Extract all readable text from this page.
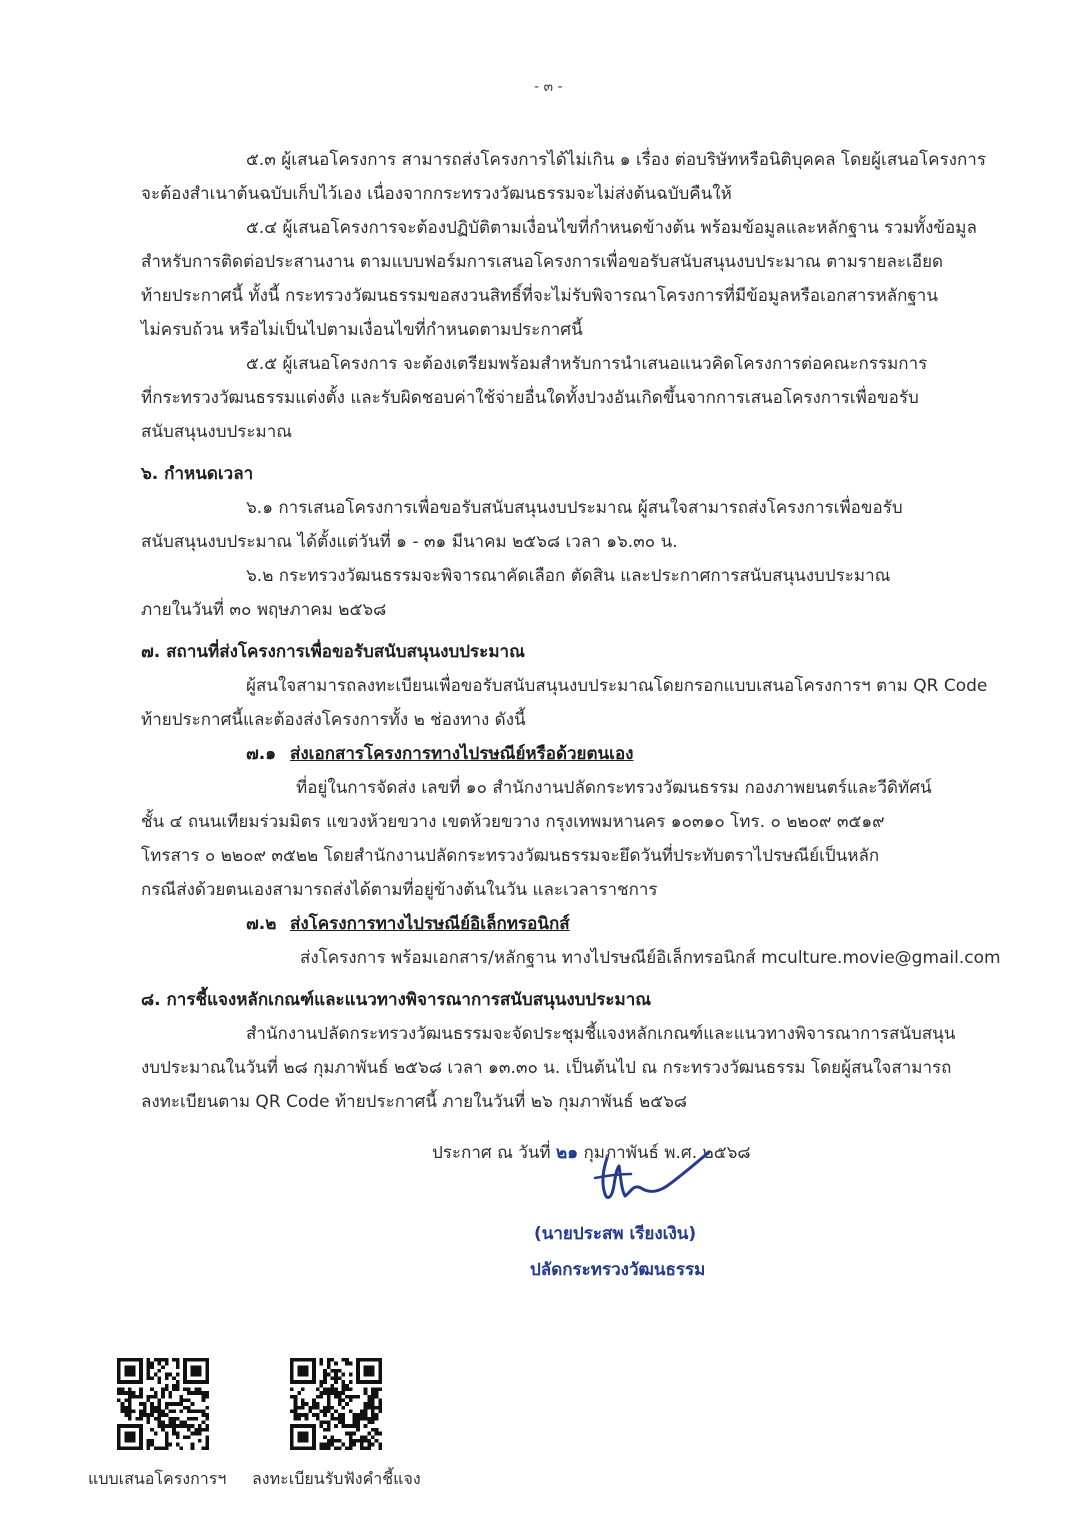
- ๓ -
๕.๓ ผู้เสนอโครงการ สามารถส่งโครงการได้ไม่เกิน ๑ เรื่อง ต่อบริษัทหรือนิติบุคคล โดยผู้เสนอโครงการ
จะต้องสำเนาต้นฉบับเก็บไว้เอง เนื่องจากกระทรวงวัฒนธรรมจะไม่ส่งต้นฉบับคืนให้
๕.๔ ผู้เสนอโครงการจะต้องปฏิบัติตามเงื่อนไขที่กำหนดข้างต้น พร้อมข้อมูลและหลักฐาน รวมทั้งข้อมูล
สำหรับการติดต่อประสานงาน ตามแบบฟอร์มการเสนอโครงการเพื่อขอรับสนับสนุนงบประมาณ ตามรายละเอียด
ท้ายประกาศนี้ ทั้งนี้ กระทรวงวัฒนธรรมขอสงวนสิทธิ์ที่จะไม่รับพิจารณาโครงการที่มีข้อมูลหรือเอกสารหลักฐาน
ไม่ครบถ้วน หรือไม่เป็นไปตามเงื่อนไขที่กำหนดตามประกาศนี้
๕.๕ ผู้เสนอโครงการ จะต้องเตรียมพร้อมสำหรับการนำเสนอแนวคิดโครงการต่อคณะกรรมการ
ที่กระทรวงวัฒนธรรมแต่งตั้ง และรับผิดชอบค่าใช้จ่ายอื่นใดทั้งปวงอันเกิดขึ้นจากการเสนอโครงการเพื่อขอรับ
สนับสนุนงบประมาณ
๖. กำหนดเวลา
๖.๑ การเสนอโครงการเพื่อขอรับสนับสนุนงบประมาณ ผู้สนใจสามารถส่งโครงการเพื่อขอรับ
สนับสนุนงบประมาณ ได้ตั้งแต่วันที่ ๑ - ๓๑ มีนาคม ๒๕๖๘ เวลา ๑๖.๓๐ น.
๖.๒ กระทรวงวัฒนธรรมจะพิจารณาคัดเลือก ตัดสิน และประกาศการสนับสนุนงบประมาณ
ภายในวันที่ ๓๐ พฤษภาคม ๒๕๖๘
๗. สถานที่ส่งโครงการเพื่อขอรับสนับสนุนงบประมาณ
ผู้สนใจสามารถลงทะเบียนเพื่อขอรับสนับสนุนงบประมาณโดยกรอกแบบเสนอโครงการฯ ตาม QR Code
ท้ายประกาศนี้และต้องส่งโครงการทั้ง ๒ ช่องทาง ดังนี้
๗.๑ ส่งเอกสารโครงการทางไปรษณีย์หรือด้วยตนเอง
ที่อยู่ในการจัดส่ง เลขที่ ๑๐ สำนักงานปลัดกระทรวงวัฒนธรรม กองภาพยนตร์และวีดิทัศน์
ชั้น ๔ ถนนเทียมร่วมมิตร แขวงห้วยขวาง เขตห้วยขวาง กรุงเทพมหานคร ๑๐๓๑๐ โทร. ๐ ๒๒๐๙ ๓๕๑๙
โทรสาร ๐ ๒๒๐๙ ๓๕๒๒ โดยสำนักงานปลัดกระทรวงวัฒนธรรมจะยึดวันที่ประทับตราไปรษณีย์เป็นหลัก
กรณีส่งด้วยตนเองสามารถส่งได้ตามที่อยู่ข้างต้นในวัน และเวลาราชการ
๗.๒ ส่งโครงการทางไปรษณีย์อิเล็กทรอนิกส์
ส่งโครงการ พร้อมเอกสาร/หลักฐาน ทางไปรษณีย์อิเล็กทรอนิกส์ mculture.movie@gmail.com
๘. การชี้แจงหลักเกณฑ์และแนวทางพิจารณาการสนับสนุนงบประมาณ
สำนักงานปลัดกระทรวงวัฒนธรรมจะจัดประชุมชี้แจงหลักเกณฑ์และแนวทางพิจารณาการสนับสนุน
งบประมาณในวันที่ ๒๘ กุมภาพันธ์ ๒๕๖๘ เวลา ๑๓.๓๐ น. เป็นต้นไป ณ กระทรวงวัฒนธรรม โดยผู้สนใจสามารถ
ลงทะเบียนตาม QR Code ท้ายประกาศนี้ ภายในวันที่ ๒๖ กุมภาพันธ์ ๒๕๖๘
ประกาศ ณ วันที่ ๒๑ กุมภาพันธ์ พ.ศ. ๒๕๖๘
(นายประสพ เรียงเงิน)
ปลัดกระทรวงวัฒนธรรม
แบบเสนอโครงการฯ ลงทะเบียนรับฟังคำชี้แจง
